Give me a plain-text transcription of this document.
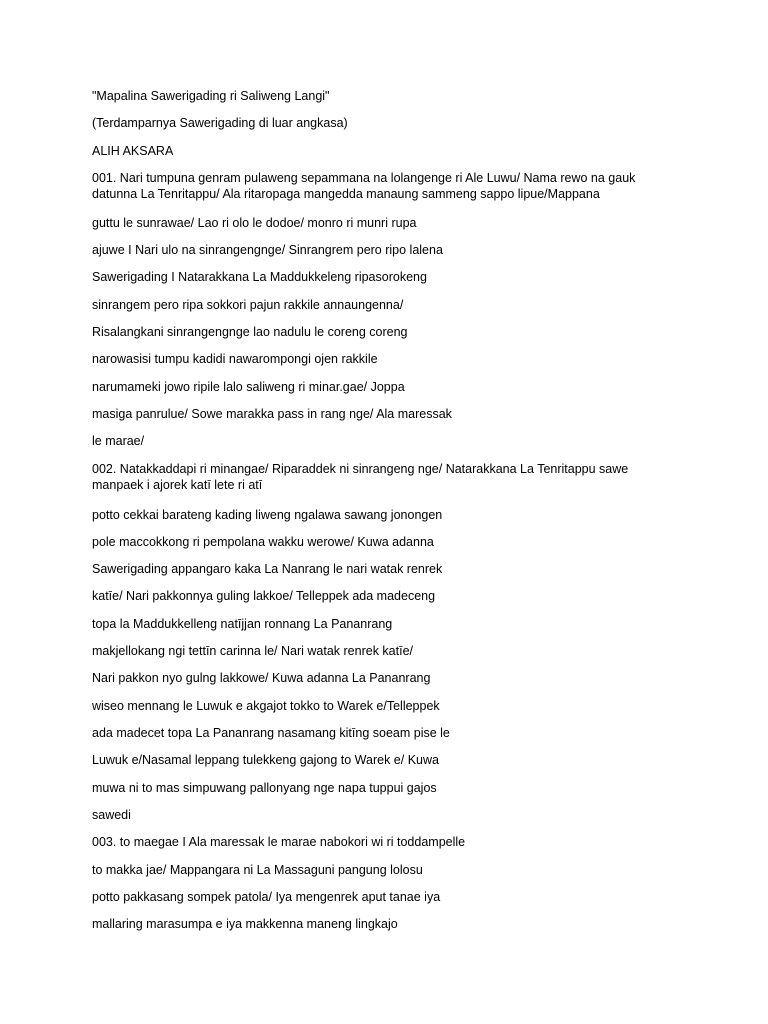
"Mapalina Sawerigading ri Saliweng Langi"
(Terdamparnya Sawerigading di luar angkasa)
ALIH AKSARA
001. Nari tumpuna genram pulaweng sepammana na lolangenge ri Ale Luwu/ Nama rewo na gauk datunna La Tenritappu/ Ala ritaropaga mangedda manaung sammeng sappo lipue/Mappana
guttu le sunrawae/ Lao ri olo le dodoe/ monro ri munri rupa
ajuwe I Nari ulo na sinrangengnge/ Sinrangrem pero ripo lalena
Sawerigading I Natarakkana La Maddukkeleng ripasorokeng
sinrangem pero ripa sokkori pajun rakkile annaungenna/
Risalangkani sinrangengnge lao nadulu le coreng coreng
narowasisi tumpu kadidi nawarompongi ojen rakkile
narumameki jowo ripile lalo saliweng ri minar.gae/ Joppa
masiga panrulue/ Sowe marakka pass in rang nge/ Ala maressak
le marae/
002. Natakkaddapi ri minangae/ Riparaddek ni sinrangeng nge/ Natarakkana La Tenritappu sawe manpaek i ajorek katī lete ri atī
potto cekkai barateng kading liweng ngalawa sawang jonongen
pole maccokkong ri pempolana wakku werowe/ Kuwa adanna
Sawerigading appangaro kaka La Nanrang le nari watak renrek
katīe/ Nari pakkonnya guling lakkoe/ Telleppek ada madeceng
topa la Maddukkelleng natījjan ronnang La Pananrang
makjellokang ngi tettīn carinna le/ Nari watak renrek katīe/
Nari pakkon nyo gulng lakkowe/ Kuwa adanna La Pananrang
wiseo mennang le Luwuk e akgajot tokko to Warek e/Telleppek
ada madecet topa La Pananrang nasamang kitīng soeam pise le
Luwuk e/Nasamal leppang tulekkeng gajong to Warek e/ Kuwa
muwa ni to mas simpuwang pallonyang nge napa tuppui gajos
sawedi
003. to maegae I Ala maressak le marae nabokori wi ri toddampelle
to makka jae/ Mappangara ni La Massaguni pangung lolosu
potto pakkasang sompek patola/ Iya mengenrek aput tanae iya
mallaring marasumpa e iya makkenna maneng lingkajo
